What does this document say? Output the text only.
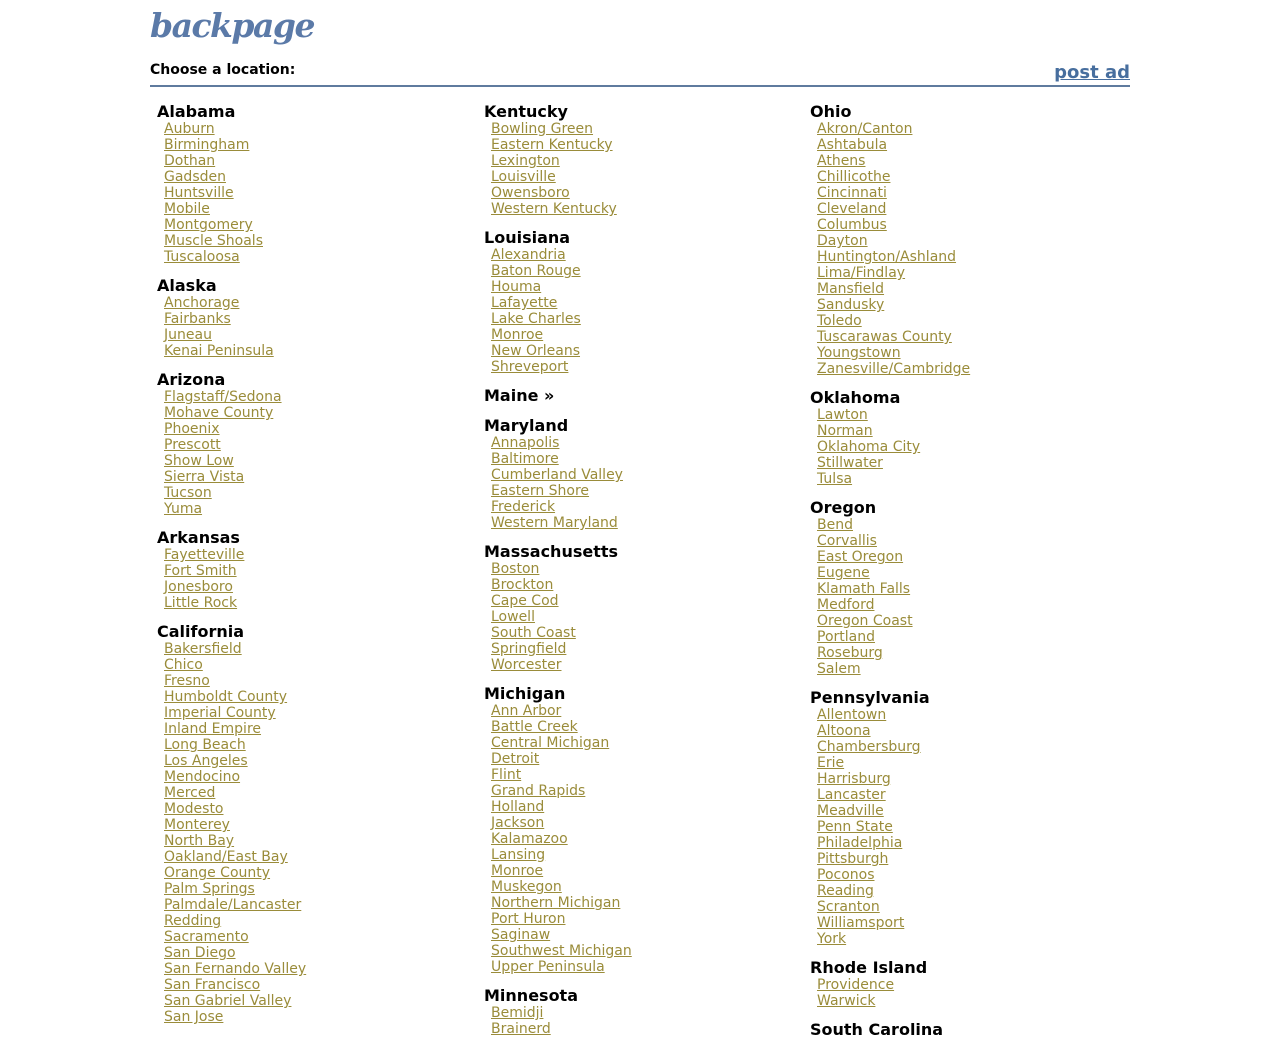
backpage
Choose a location:	post ad
Alabama
Auburn
Birmingham
Dothan
Gadsden
Huntsville
Mobile
Montgomery
Muscle Shoals
Tuscaloosa
Alaska
Anchorage
Fairbanks
Juneau
Kenai Peninsula
Arizona
Flagstaff/Sedona
Mohave County
Phoenix
Prescott
Show Low
Sierra Vista
Tucson
Yuma
Arkansas
Fayetteville
Fort Smith
Jonesboro
Little Rock
California
Bakersfield
Chico
Fresno
Humboldt County
Imperial County
Inland Empire
Long Beach
Los Angeles
Mendocino
Merced
Modesto
Monterey
North Bay
Oakland/East Bay
Orange County
Palm Springs
Palmdale/Lancaster
Redding
Sacramento
San Diego
San Fernando Valley
San Francisco
San Gabriel Valley
San Jose
Kentucky
Bowling Green
Eastern Kentucky
Lexington
Louisville
Owensboro
Western Kentucky
Louisiana
Alexandria
Baton Rouge
Houma
Lafayette
Lake Charles
Monroe
New Orleans
Shreveport
Maine »
Maryland
Annapolis
Baltimore
Cumberland Valley
Eastern Shore
Frederick
Western Maryland
Massachusetts
Boston
Brockton
Cape Cod
Lowell
South Coast
Springfield
Worcester
Michigan
Ann Arbor
Battle Creek
Central Michigan
Detroit
Flint
Grand Rapids
Holland
Jackson
Kalamazoo
Lansing
Monroe
Muskegon
Northern Michigan
Port Huron
Saginaw
Southwest Michigan
Upper Peninsula
Minnesota
Bemidji
Brainerd
Ohio
Akron/Canton
Ashtabula
Athens
Chillicothe
Cincinnati
Cleveland
Columbus
Dayton
Huntington/Ashland
Lima/Findlay
Mansfield
Sandusky
Toledo
Tuscarawas County
Youngstown
Zanesville/Cambridge
Oklahoma
Lawton
Norman
Oklahoma City
Stillwater
Tulsa
Oregon
Bend
Corvallis
East Oregon
Eugene
Klamath Falls
Medford
Oregon Coast
Portland
Roseburg
Salem
Pennsylvania
Allentown
Altoona
Chambersburg
Erie
Harrisburg
Lancaster
Meadville
Penn State
Philadelphia
Pittsburgh
Poconos
Reading
Scranton
Williamsport
York
Rhode Island
Providence
Warwick
South Carolina
